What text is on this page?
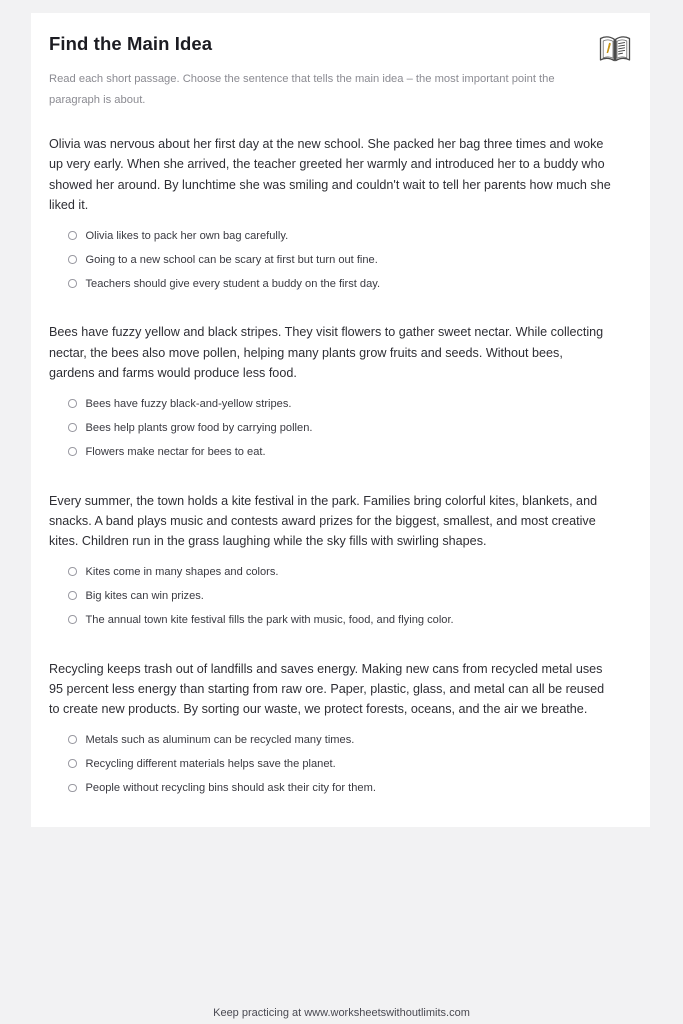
Find the Main Idea

Read each short passage. Choose the sentence that tells the main idea – the most important point the paragraph is about.

Olivia was nervous about her first day at the new school. She packed her bag three times and woke up very early. When she arrived, the teacher greeted her warmly and introduced her to a buddy who showed her around. By lunchtime she was smiling and couldn't wait to tell her parents how much she liked it.

Olivia likes to pack her own bag carefully.
Going to a new school can be scary at first but turn out fine.
Teachers should give every student a buddy on the first day.

Bees have fuzzy yellow and black stripes. They visit flowers to gather sweet nectar. While collecting nectar, the bees also move pollen, helping many plants grow fruits and seeds. Without bees, gardens and farms would produce less food.

Bees have fuzzy black-and-yellow stripes.
Bees help plants grow food by carrying pollen.
Flowers make nectar for bees to eat.

Every summer, the town holds a kite festival in the park. Families bring colorful kites, blankets, and snacks. A band plays music and contests award prizes for the biggest, smallest, and most creative kites. Children run in the grass laughing while the sky fills with swirling shapes.

Kites come in many shapes and colors.
Big kites can win prizes.
The annual town kite festival fills the park with music, food, and flying color.

Recycling keeps trash out of landfills and saves energy. Making new cans from recycled metal uses 95 percent less energy than starting from raw ore. Paper, plastic, glass, and metal can all be reused to create new products. By sorting our waste, we protect forests, oceans, and the air we breathe.

Metals such as aluminum can be recycled many times.
Recycling different materials helps save the planet.
People without recycling bins should ask their city for them.
Keep practicing at www.worksheetswithoutlimits.com
